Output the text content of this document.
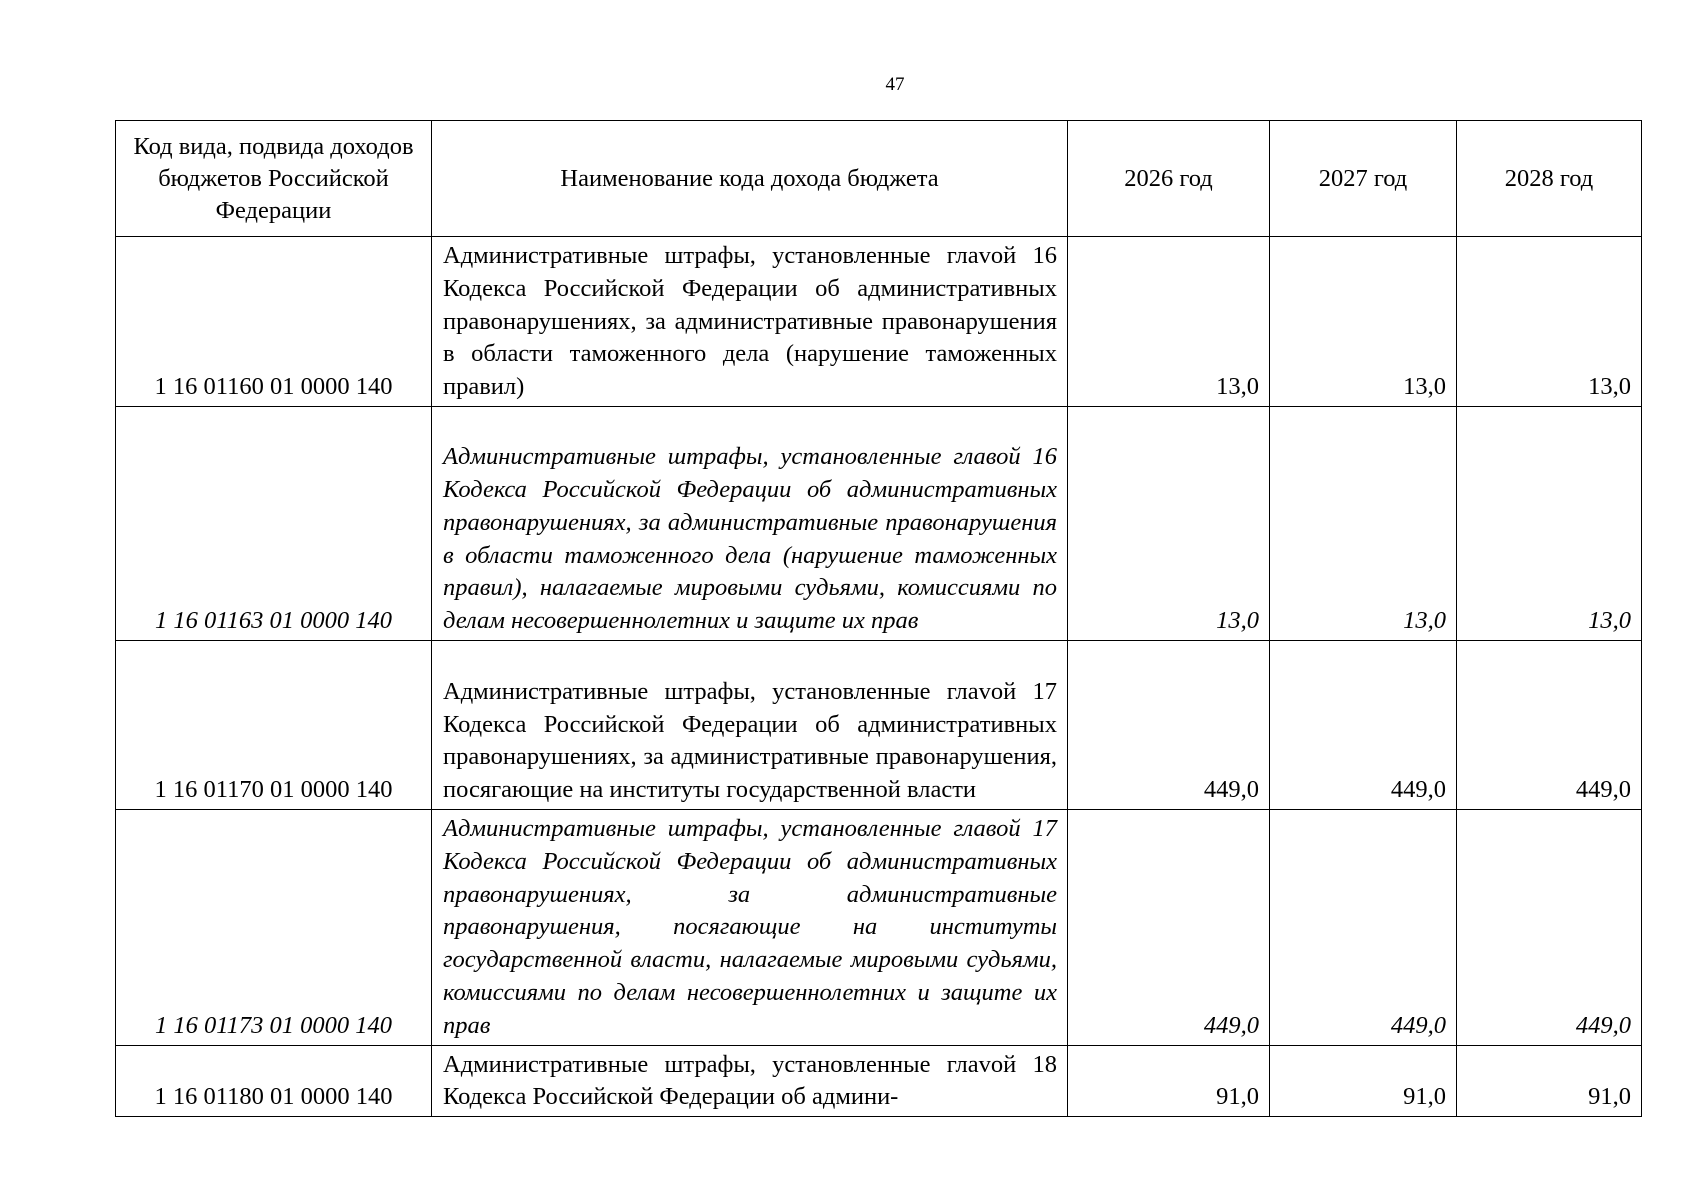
47
Код вида, подвида доходов бюджетов Российской Федерации	Наименование кода дохода бюджета	2026 год	2027 год	2028 год
1 16 01160 01 0000 140	Административные штрафы, установленные глаvой 16 Кодекса Российской Федерации об административных правонарушениях, за административные правонарушения в области таможенного дела (нарушение таможенных правил)	13,0	13,0	13,0
1 16 01163 01 0000 140	Административные штрафы, установленные главой 16 Кодекса Российской Федерации об административных правонарушениях, за административные правонарушения в области таможенного дела (нарушение таможенных правил), налагаемые мировыми судьями, комиссиями по делам несовершеннолетних и защите их прав	13,0	13,0	13,0
1 16 01170 01 0000 140	Административные штрафы, установленные глаvой 17 Кодекса Российской Федерации об административных правонарушениях, за административные правонарушения, посягающие на институты государственной власти	449,0	449,0	449,0
1 16 01173 01 0000 140	Административные штрафы, установленные главой 17 Кодекса Российской Федерации об административных правонарушениях, за административные правонарушения, посягающие на институты государственной власти, налагаемые мировыми судьями, комиссиями по делам несовершеннолетних и защите их прав	449,0	449,0	449,0
1 16 01180 01 0000 140	Административные штрафы, установленные глаvой 18 Кодекса Российской Федерации об админи-	91,0	91,0	91,0
